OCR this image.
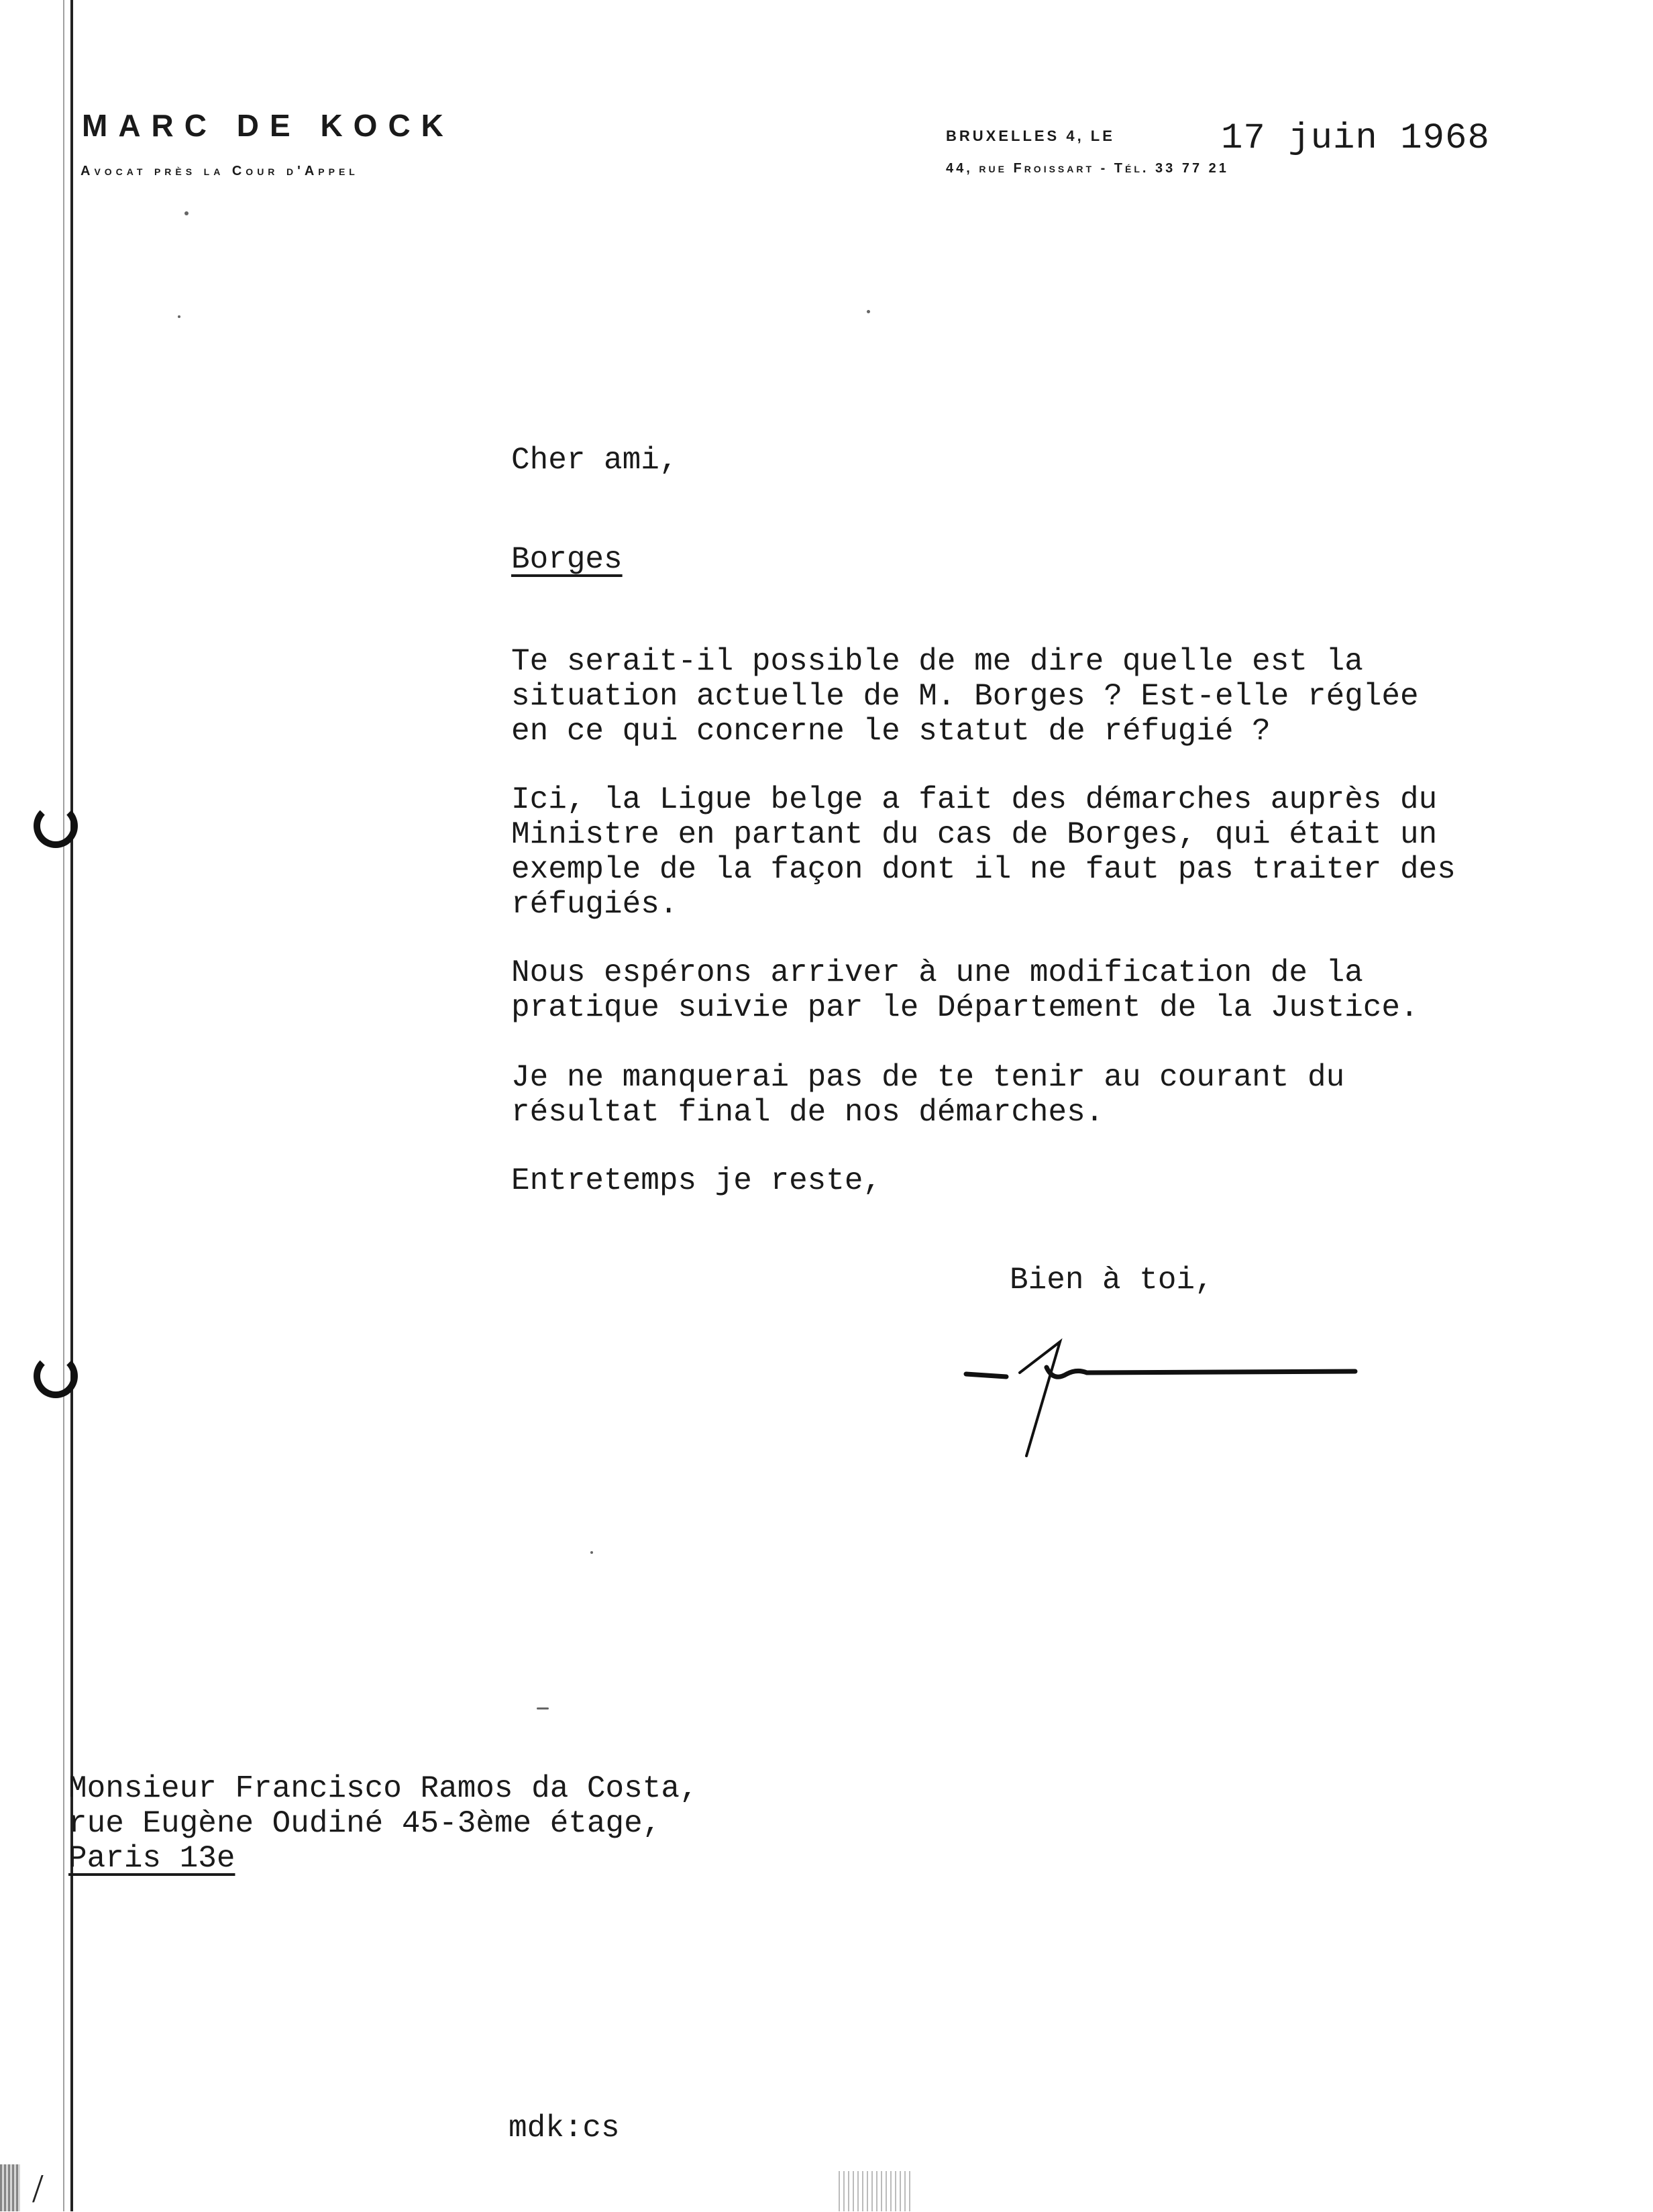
MARC DE KOCK
Avocat près la Cour d'Appel
BRUXELLES 4, LE	17 juin 1968
44, rue Froissart - Tél. 33 77 21
Cher ami,
Borges
Te serait-il possible de me dire quelle est la
situation actuelle de M. Borges ? Est-elle réglée
en ce qui concerne le statut de réfugié ?
Ici, la Ligue belge a fait des démarches auprès du
Ministre en partant du cas de Borges, qui était un
exemple de la façon dont il ne faut pas traiter des
réfugiés.
Nous espérons arriver à une modification de la
pratique suivie par le Département de la Justice.
Je ne manquerai pas de te tenir au courant du
résultat final de nos démarches.
Entretemps je reste,
Bien à toi,
Monsieur Francisco Ramos da Costa,
rue Eugène Oudiné 45-3ème étage,
Paris 13e
mdk:cs
/
